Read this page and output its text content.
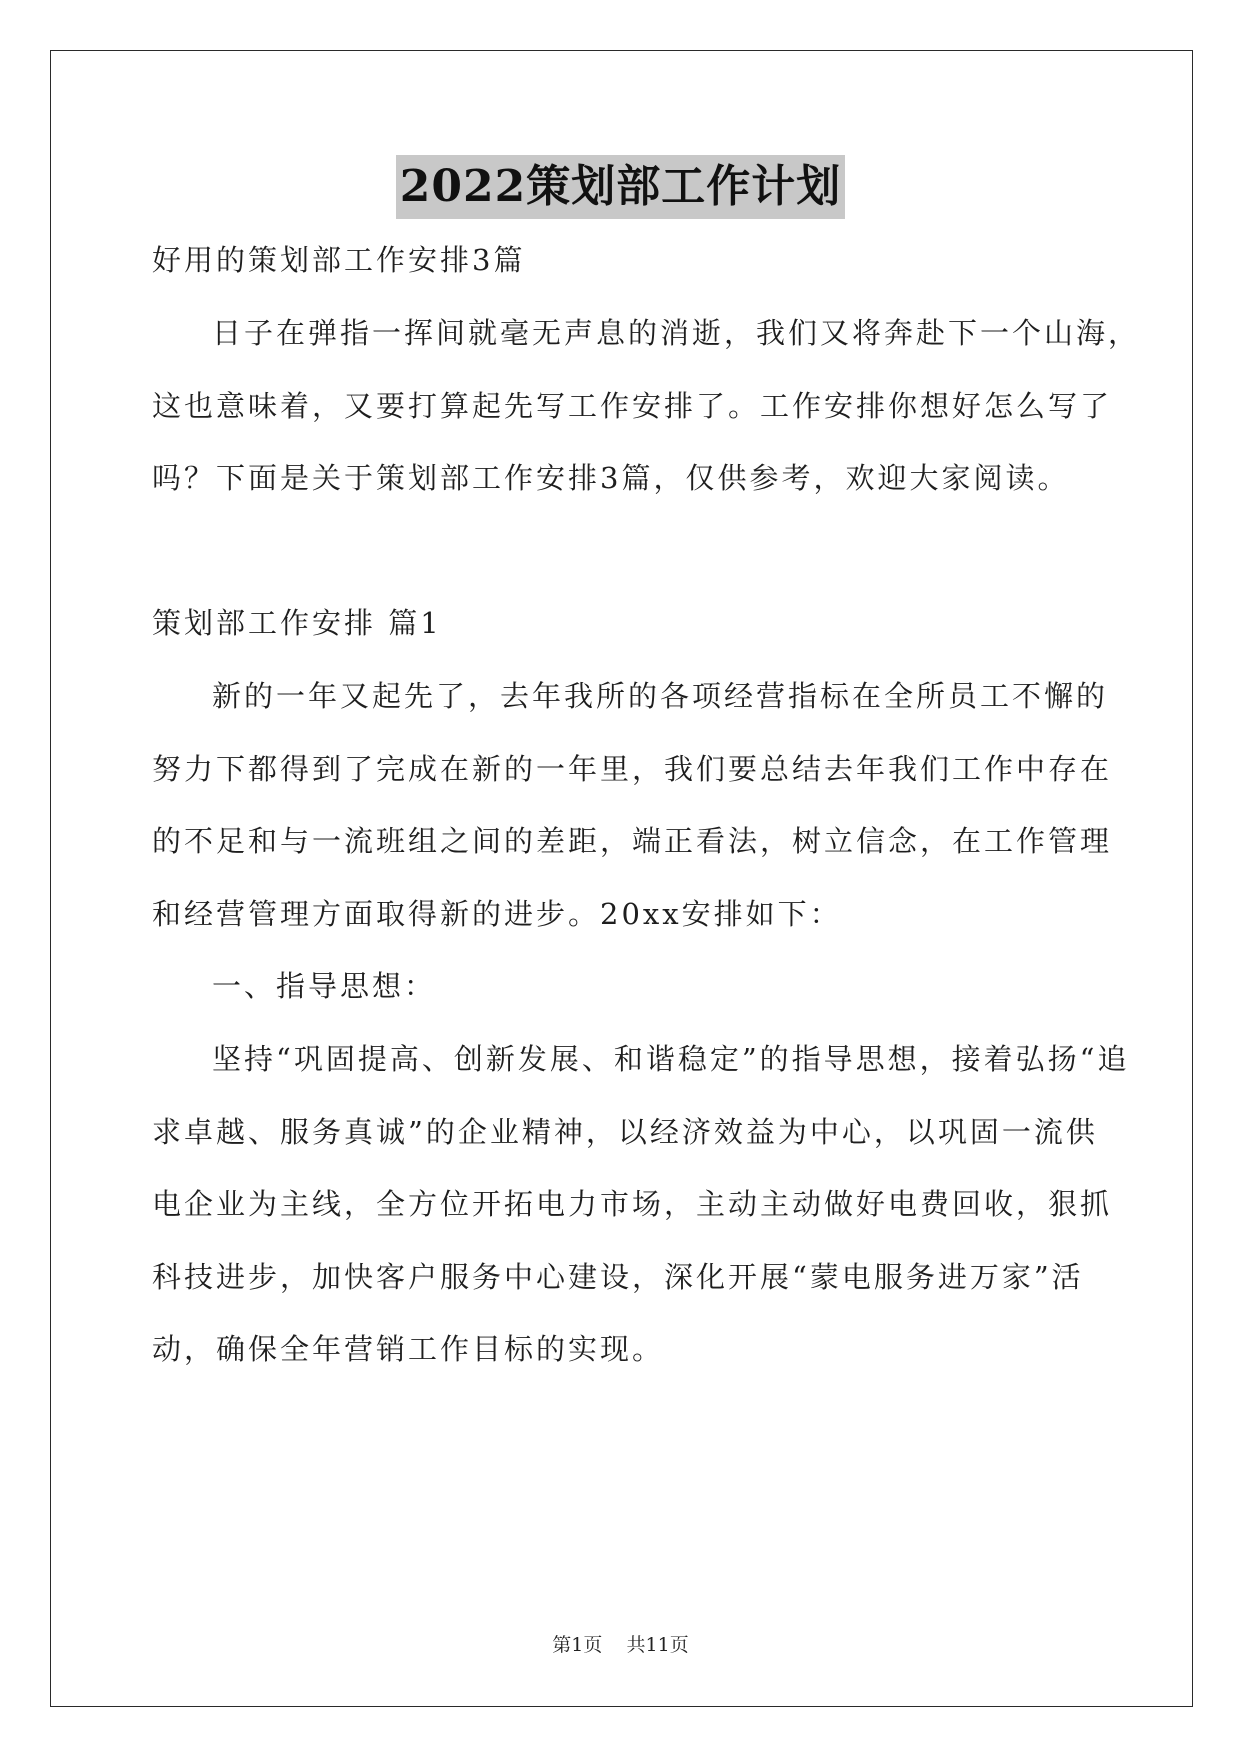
2022策划部工作计划
好用的策划部工作安排3篇
日子在弹指一挥间就毫无声息的消逝，我们又将奔赴下一个山海，
这也意味着，又要打算起先写工作安排了。工作安排你想好怎么写了
吗？下面是关于策划部工作安排3篇，仅供参考，欢迎大家阅读。
策划部工作安排 篇1
新的一年又起先了，去年我所的各项经营指标在全所员工不懈的
努力下都得到了完成在新的一年里，我们要总结去年我们工作中存在
的不足和与一流班组之间的差距，端正看法，树立信念，在工作管理
和经营管理方面取得新的进步。20xx安排如下：
一、指导思想：
坚持“巩固提高、创新发展、和谐稳定”的指导思想，接着弘扬“追
求卓越、服务真诚”的企业精神，以经济效益为中心，以巩固一流供
电企业为主线，全方位开拓电力市场，主动主动做好电费回收，狠抓
科技进步，加快客户服务中心建设，深化开展“蒙电服务进万家”活
动，确保全年营销工作目标的实现。
第1页    共11页
